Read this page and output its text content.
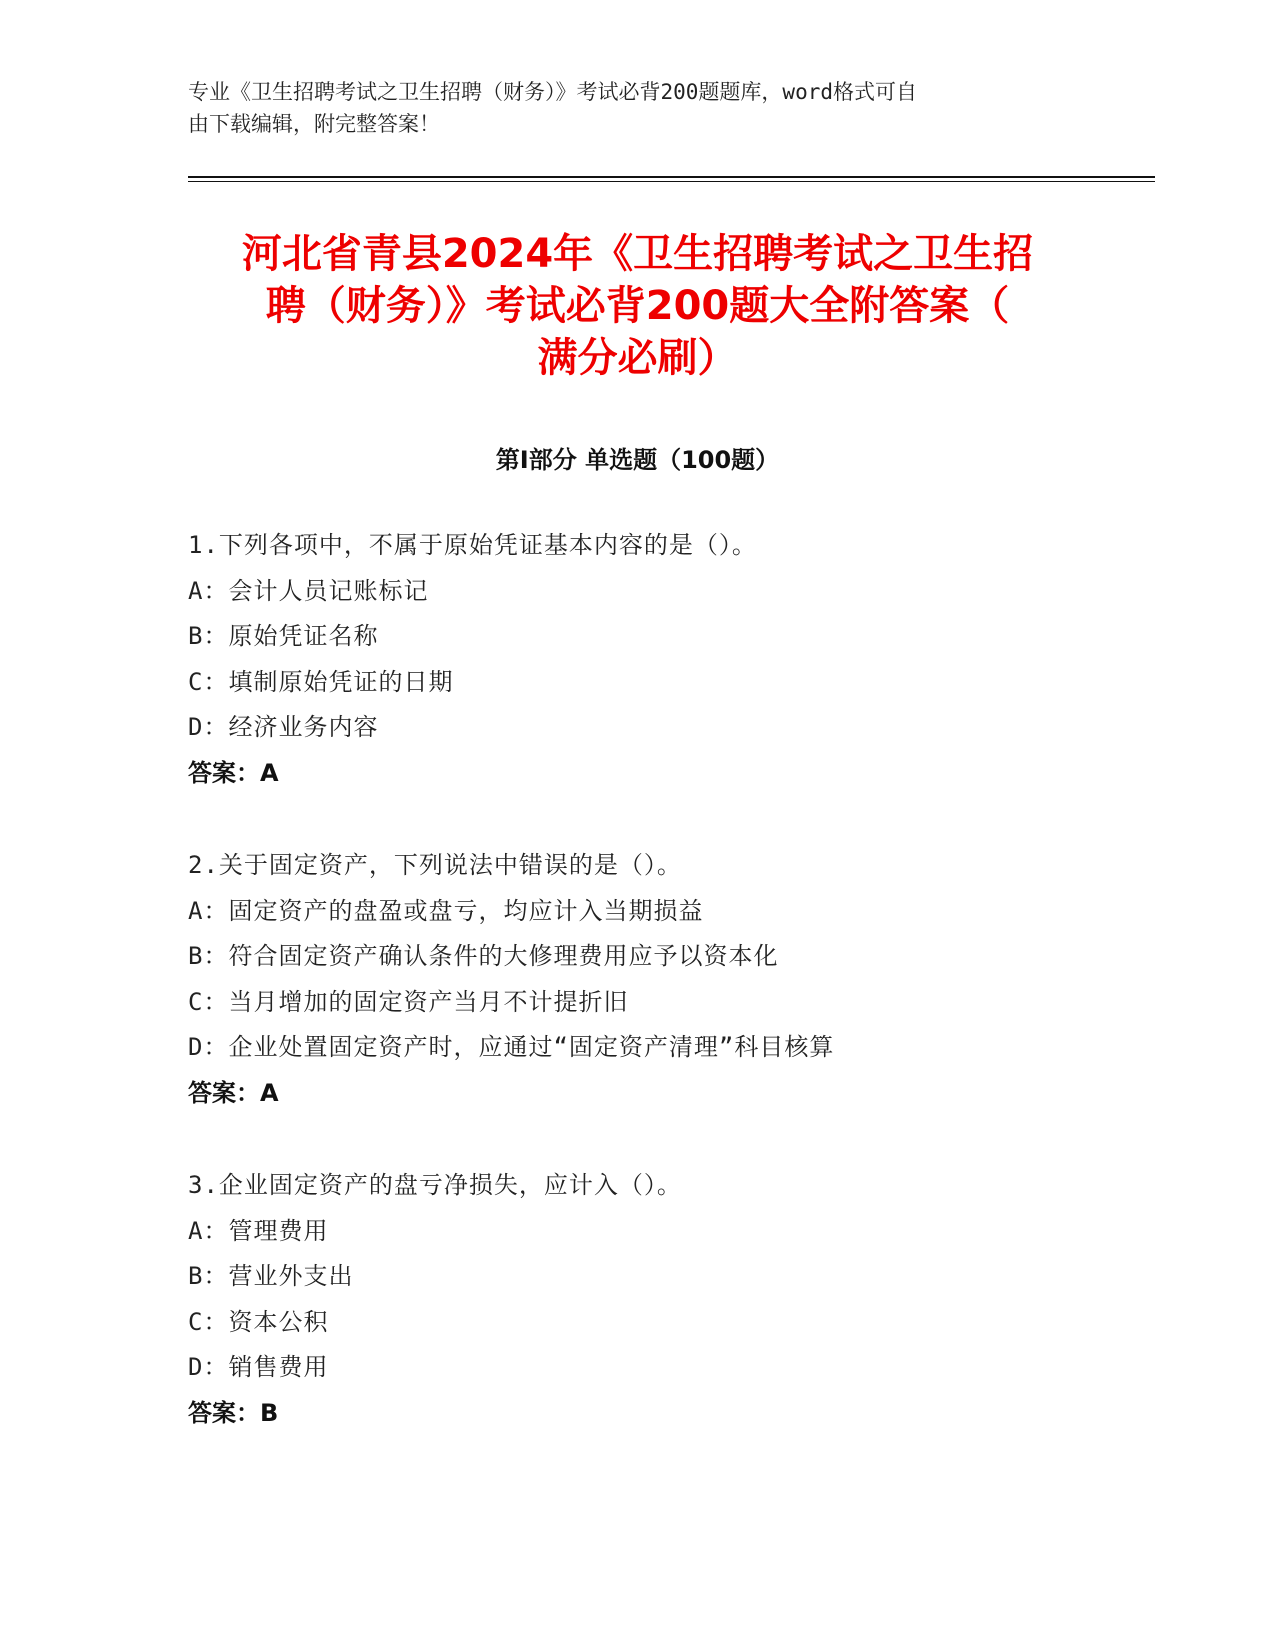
专业《卫生招聘考试之卫生招聘（财务）》考试必背200题题库，word格式可自
由下载编辑，附完整答案！
河北省青县2024年《卫生招聘考试之卫生招
聘（财务）》考试必背200题大全附答案（
满分必刷）
第I部分 单选题（100题）
1.下列各项中，不属于原始凭证基本内容的是（）。
A：会计人员记账标记
B：原始凭证名称
C：填制原始凭证的日期
D：经济业务内容
答案：A
2.关于固定资产，下列说法中错误的是（）。
A：固定资产的盘盈或盘亏，均应计入当期损益
B：符合固定资产确认条件的大修理费用应予以资本化
C：当月增加的固定资产当月不计提折旧
D：企业处置固定资产时，应通过“固定资产清理”科目核算
答案：A
3.企业固定资产的盘亏净损失，应计入（）。
A：管理费用
B：营业外支出
C：资本公积
D：销售费用
答案：B
